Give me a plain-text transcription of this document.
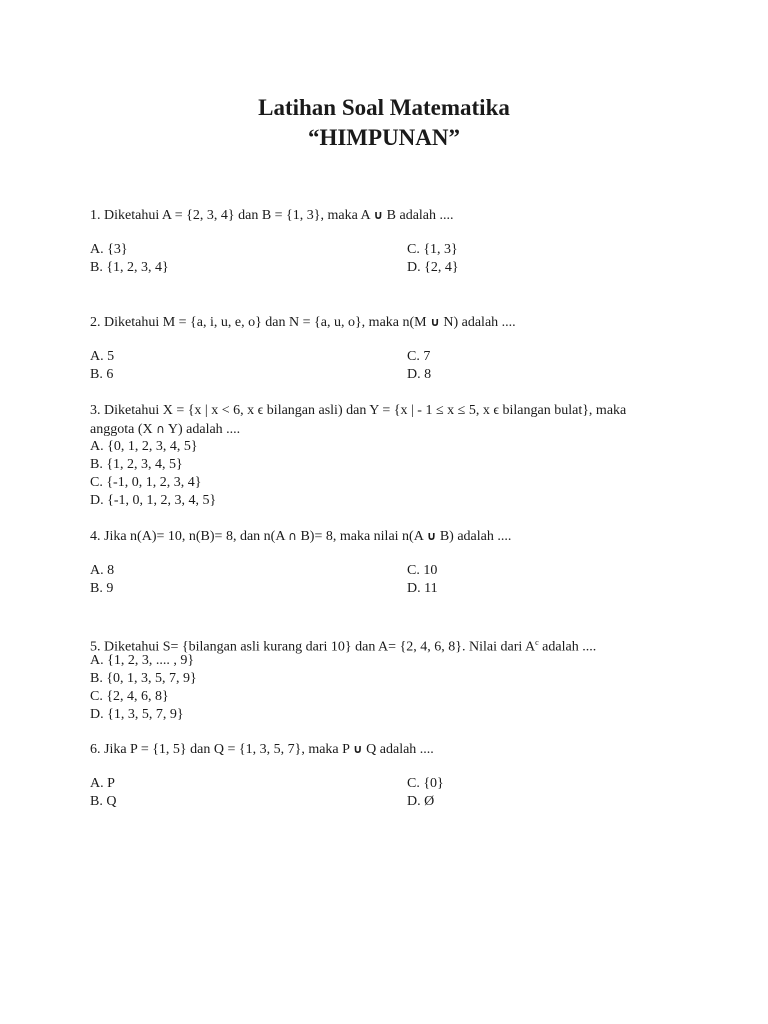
Latihan Soal Matematika
“HIMPUNAN”
1. Diketahui A = {2, 3, 4} dan B = {1, 3}, maka A ∪ B adalah ....
A. {3}
B. {1, 2, 3, 4}
C. {1, 3}
D. {2, 4}
2. Diketahui M = {a, i, u, e, o} dan N = {a, u, o}, maka n(M ∪ N) adalah ....
A. 5
B. 6
C. 7
D. 8
3. Diketahui X = {x | x < 6, x ϵ bilangan asli) dan Y = {x | - 1 ≤ x ≤ 5, x ϵ bilangan bulat}, maka
anggota (X ∩ Y) adalah ....
A. {0, 1, 2, 3, 4, 5}
B. {1, 2, 3, 4, 5}
C. {-1, 0, 1, 2, 3, 4}
D. {-1, 0, 1, 2, 3, 4, 5}
4. Jika n(A)= 10, n(B)= 8, dan n(A ∩ B)= 8, maka nilai n(A ∪ B) adalah ....
A. 8
B. 9
C. 10
D. 11
5. Diketahui S= {bilangan asli kurang dari 10} dan A= {2, 4, 6, 8}. Nilai dari $A^c$ adalah ....
A. {1, 2, 3, .... , 9}
B. {0, 1, 3, 5, 7, 9}
C. {2, 4, 6, 8}
D. {1, 3, 5, 7, 9}
6. Jika P = {1, 5} dan Q = {1, 3, 5, 7}, maka P ∪ Q adalah ....
A. P
B. Q
C. {0}
D. Ø
